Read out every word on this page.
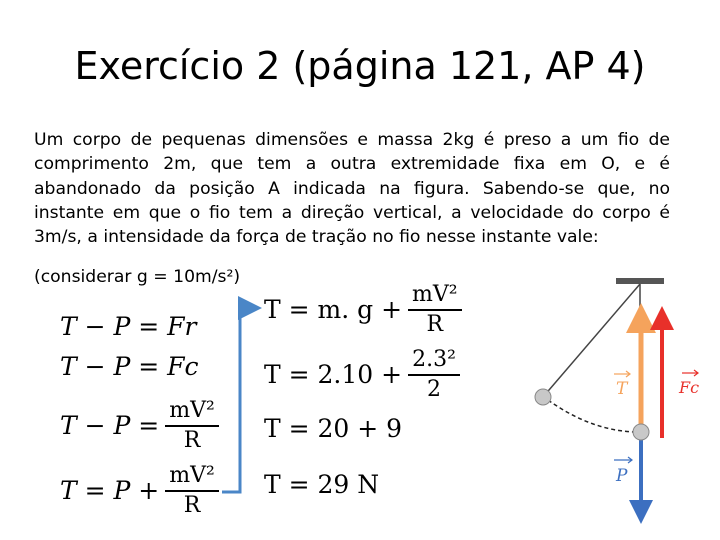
Exercício 2 (página 121, AP 4)

Um corpo de pequenas dimensões e massa 2kg é preso a um fio de comprimento 2m, que tem a outra extremidade fixa em O, e é abandonado da posição A indicada na figura. Sabendo-se que, no instante em que o fio tem a direção vertical, a velocidade do corpo é 3m/s, a intensidade da força de tração no fio nesse instante vale:

(considerar g = 10m/s²)

T − P = Fr
T − P = Fc
$T - P = \frac{\text{mV²}}{R}$
$T = P + \frac{\text{mV²}}{R}$
T = m. $g + \frac{\text{mV²}}{R}$
$T = 2.10 + \frac{\text{2.3²}}{2}$
T = 20 + 9
T = 29 N
T
P
Fc
